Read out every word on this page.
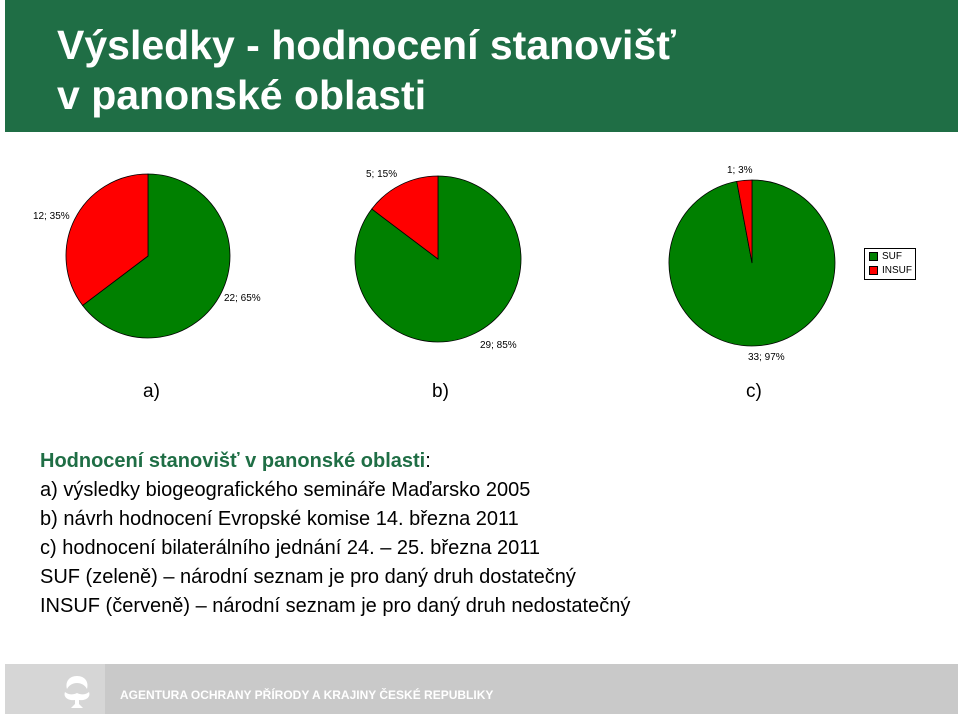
Výsledky - hodnocení stanovišť
v panonské oblasti
22; 65%
12; 35%
29; 85%
5; 15%
33; 97%
1; 3%
SUF
INSUF
a)	b)	c)
Hodnocení stanovišť v panonské oblasti:
a) výsledky biogeografického semináře Maďarsko 2005
b) návrh hodnocení Evropské komise 14. března 2011
c) hodnocení bilaterálního jednání 24. – 25. března 2011
SUF (zeleně) – národní seznam je pro daný druh dostatečný
INSUF (červeně) – národní seznam je pro daný druh nedostatečný
AGENTURA OCHRANY PŘÍRODY A KRAJINY ČESKÉ REPUBLIKY
